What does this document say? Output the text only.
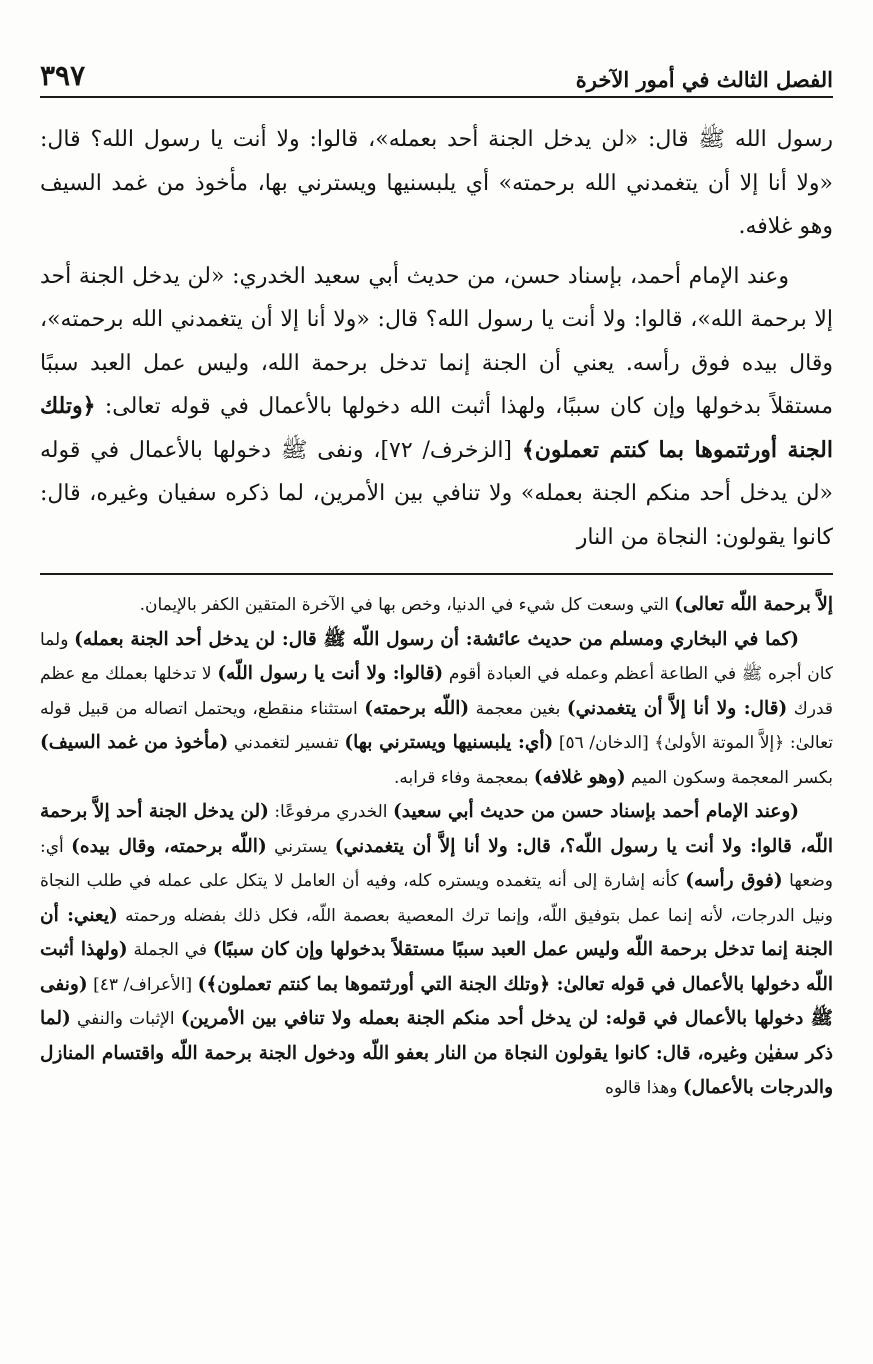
الفصل الثالث في أمور الآخرة
٣٩٧

رسول الله ﷺ قال: «لن يدخل الجنة أحد بعمله»، قالوا: ولا أنت يا رسول الله؟ قال: «ولا أنا إلا أن يتغمدني الله برحمته» أي يلبسنيها ويسترني بها، مأخوذ من غمد السيف وهو غلافه.

وعند الإمام أحمد، بإسناد حسن، من حديث أبي سعيد الخدري: «لن يدخل الجنة أحد إلا برحمة الله»، قالوا: ولا أنت يا رسول الله؟ قال: «ولا أنا إلا أن يتغمدني الله برحمته»، وقال بيده فوق رأسه. يعني أن الجنة إنما تدخل برحمة الله، وليس عمل العبد سببًا مستقلاً بدخولها وإن كان سببًا، ولهذا أثبت الله دخولها بالأعمال في قوله تعالى: ﴿وتلك الجنة أورثتموها بما كنتم تعملون﴾ [الزخرف/ ٧٢]، ونفى ﷺ دخولها بالأعمال في قوله «لن يدخل أحد منكم الجنة بعمله» ولا تنافي بين الأمرين، لما ذكره سفيان وغيره، قال: كانوا يقولون: النجاة من النار

إلاَّ برحمة اللّه تعالى) التي وسعت كل شيء في الدنيا، وخص بها في الآخرة المتقين الكفر بالإيمان.

(كما في البخاري ومسلم من حديث عائشة: أن رسول اللّه ﷺ قال: لن يدخل أحد الجنة بعمله) ولما كان أجره ﷺ في الطاعة أعظم وعمله في العبادة أقوم (قالوا: ولا أنت يا رسول اللّه) لا تدخلها بعملك مع عظم قدرك (قال: ولا أنا إلاَّ أن يتغمدني) بغين معجمة (اللّه برحمته) استثناء منقطع، ويحتمل اتصاله من قبيل قوله تعالىٰ: ﴿إلاَّ الموتة الأولىٰ﴾ [الدخان/ ٥٦] (أي: يلبسنيها ويسترني بها) تفسير لتغمدني (مأخوذ من غمد السيف) بكسر المعجمة وسكون الميم (وهو غلافه) بمعجمة وفاء قرابه.

(وعند الإمام أحمد بإسناد حسن من حديث أبي سعيد) الخدري مرفوعًا: (لن يدخل الجنة أحد إلاَّ برحمة اللّه، قالوا: ولا أنت يا رسول اللّه؟، قال: ولا أنا إلاَّ أن يتغمدني) يسترني (اللّه برحمته، وقال بيده) أي: وضعها (فوق رأسه) كأنه إشارة إلى أنه يتغمده ويستره كله، وفيه أن العامل لا يتكل على عمله في طلب النجاة ونيل الدرجات، لأنه إنما عمل بتوفيق اللّه، وإنما ترك المعصية بعصمة اللّه، فكل ذلك بفضله ورحمته (يعني: أن الجنة إنما تدخل برحمة اللّه وليس عمل العبد سببًا مستقلاً بدخولها وإن كان سببًا) في الجملة (ولهذا أثبت اللّه دخولها بالأعمال في قوله تعالىٰ: ﴿وتلك الجنة التي أورثتموها بما كنتم تعملون﴾) [الأعراف/ ٤٣] (ونفى ﷺ دخولها بالأعمال في قوله: لن يدخل أحد منكم الجنة بعمله ولا تنافي بين الأمرين) الإثبات والنفي (لما ذكر سفيٰن وغيره، قال: كانوا يقولون النجاة من النار بعفو اللّه ودخول الجنة برحمة اللّه واقتسام المنازل والدرجات بالأعمال) وهذا قالوه
